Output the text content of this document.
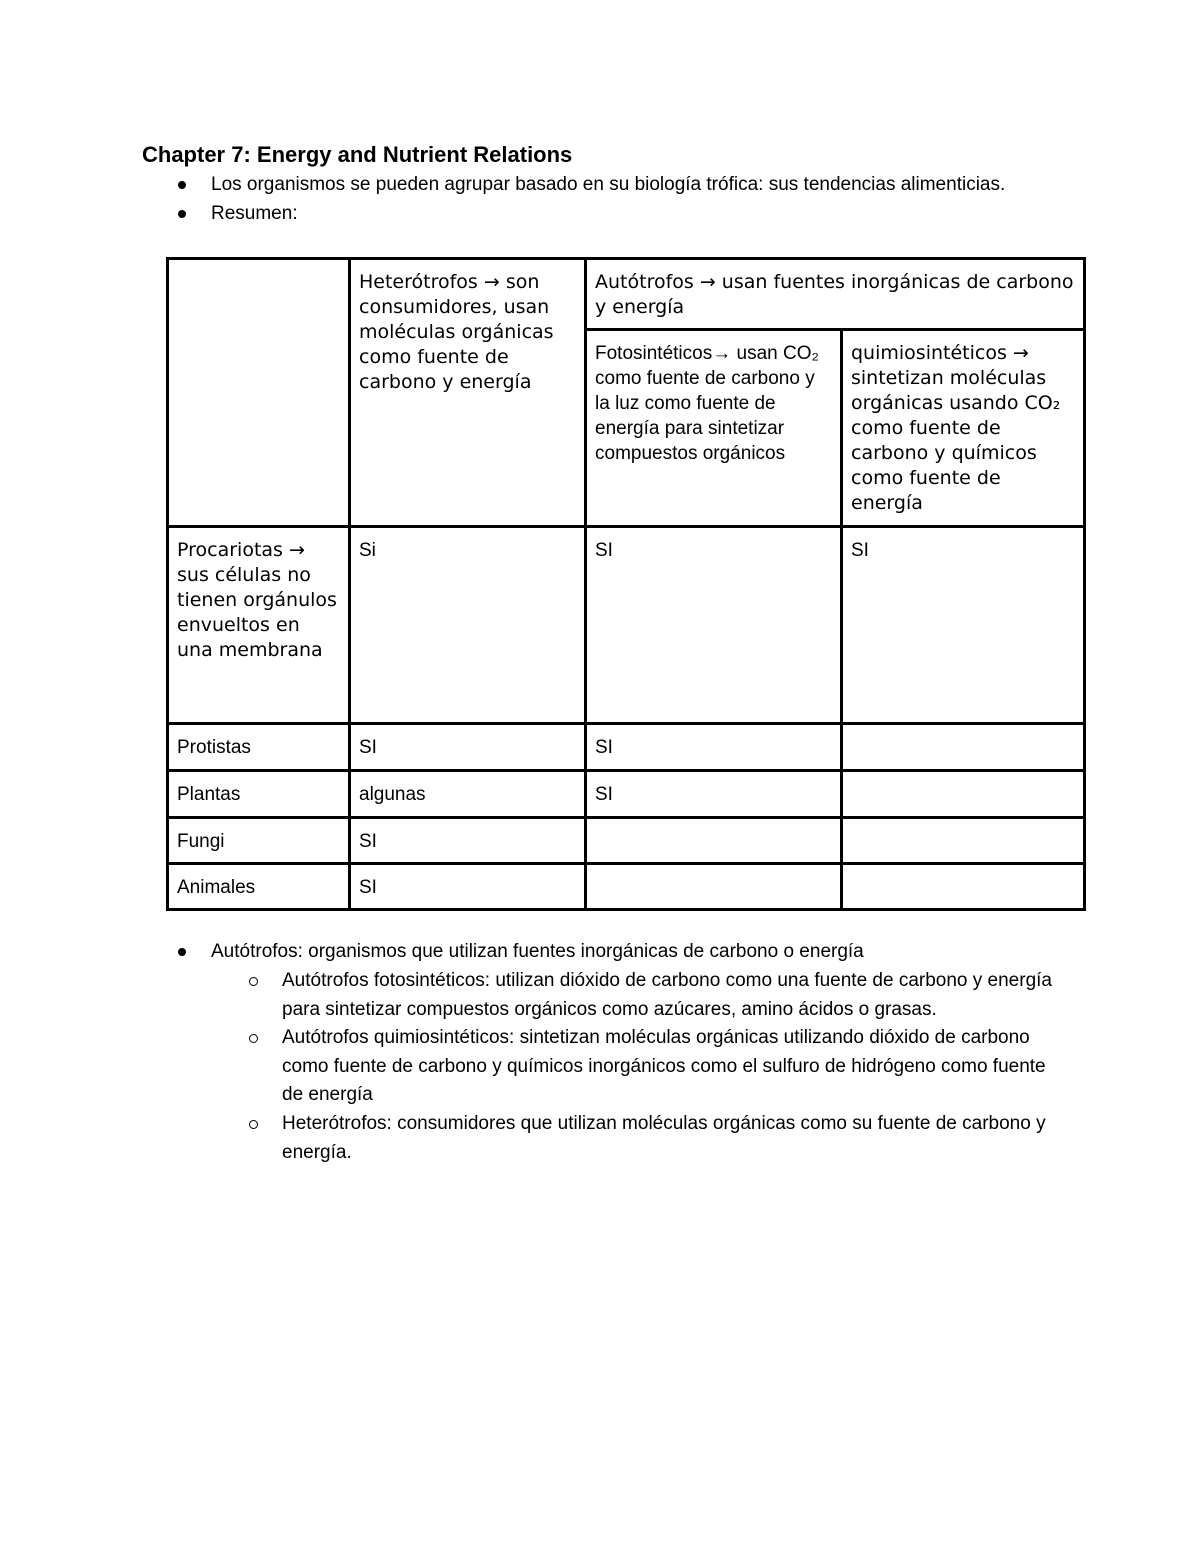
Chapter 7: Energy and Nutrient Relations
Los organismos se pueden agrupar basado en su biología trófica: sus tendencias alimenticias.
Resumen:
	Heterótrofos → son consumidores, usan moléculas orgánicas como fuente de carbono y energía	Autótrofos → usan fuentes inorgánicas de carbono y energía	
		Fotosintéticos→ usan CO₂ como fuente de carbono y la luz como fuente de energía para sintetizar compuestos orgánicos	quimiosintéticos → sintetizan moléculas orgánicas usando CO₂ como fuente de carbono y químicos como fuente de energía
Procariotas → sus células no tienen orgánulos envueltos en una membrana	Si	SI	SI
Protistas	SI	SI	
Plantas	algunas	SI	
Fungi	SI		
Animales	SI		
Autótrofos: organismos que utilizan fuentes inorgánicas de carbono o energía
Autótrofos fotosintéticos: utilizan dióxido de carbono como una fuente de carbono y energía para sintetizar compuestos orgánicos como azúcares, amino ácidos o grasas.
Autótrofos quimiosintéticos: sintetizan moléculas orgánicas utilizando dióxido de carbono como fuente de carbono y químicos inorgánicos como el sulfuro de hidrógeno como fuente de energía
Heterótrofos: consumidores que utilizan moléculas orgánicas como su fuente de carbono y energía.
